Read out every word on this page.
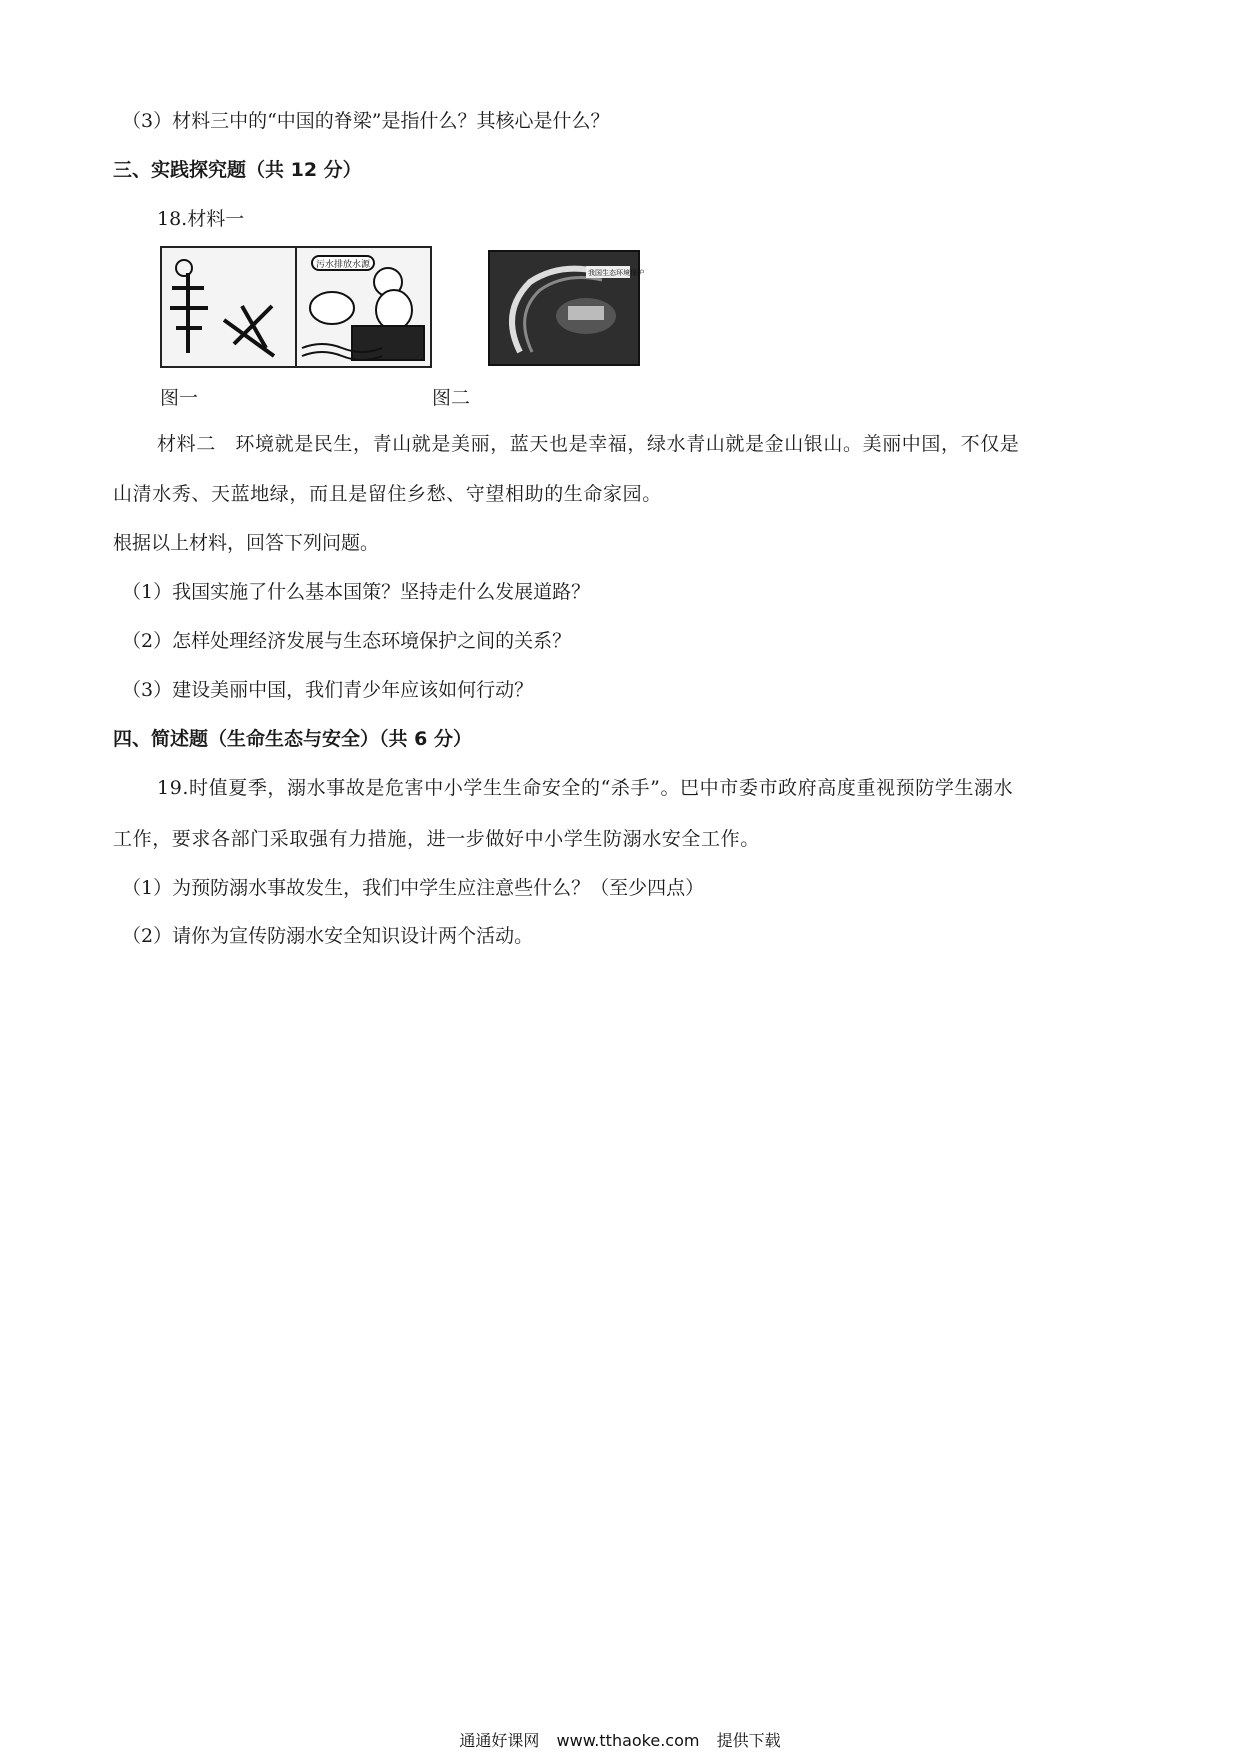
（3）材料三中的“中国的脊梁”是指什么？其核心是什么？
三、实践探究题（共 12 分）
18.材料一
污水排放水源
图一
我国生态环境保护
图二
材料二　环境就是民生，青山就是美丽，蓝天也是幸福，绿水青山就是金山银山。美丽中国，不仅是
山清水秀、天蓝地绿，而且是留住乡愁、守望相助的生命家园。
根据以上材料，回答下列问题。
（1）我国实施了什么基本国策？坚持走什么发展道路？
（2）怎样处理经济发展与生态环境保护之间的关系？
（3）建设美丽中国，我们青少年应该如何行动？
四、简述题（生命生态与安全）（共 6 分）
19.时值夏季，溺水事故是危害中小学生生命安全的“杀手”。巴中市委市政府高度重视预防学生溺水
工作，要求各部门采取强有力措施，进一步做好中小学生防溺水安全工作。
（1）为预防溺水事故发生，我们中学生应注意些什么？（至少四点）
（2）请你为宣传防溺水安全知识设计两个活动。
通通好课网 www.tthaoke.com 提供下载
